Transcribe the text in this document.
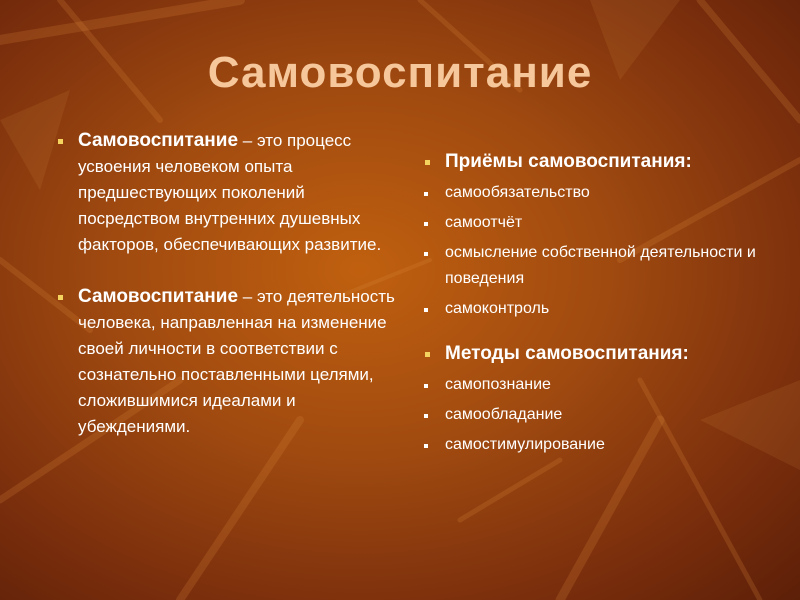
Самовоспитание
Самовоспитание – это процесс усвоения человеком опыта предшествующих поколений посредством внутренних душевных факторов, обеспечивающих развитие.
Самовоспитание – это деятельность человека, направленная на изменение своей личности в соответствии с сознательно поставленными целями, сложившимися идеалами и убеждениями.
Приёмы самовоспитания:
самообязательство
самоотчёт
осмысление собственной деятельности и поведения
самоконтроль
Методы самовоспитания:
самопознание
самообладание
самостимулирование
